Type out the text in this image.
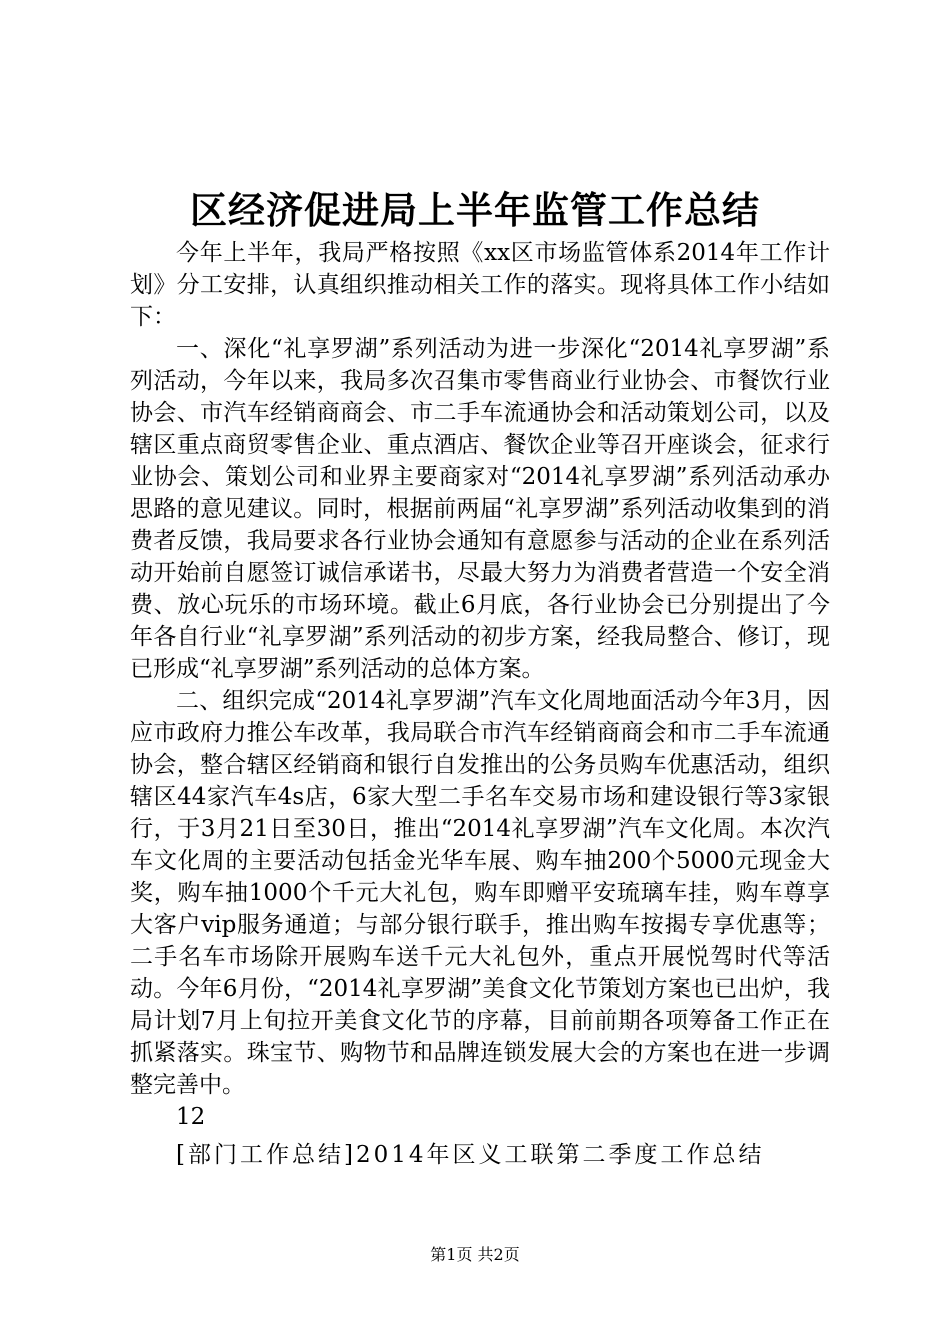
区经济促进局上半年监管工作总结

今年上半年，我局严格按照《xx区市场监管体系2014年工作计划》分工安排，认真组织推动相关工作的落实。现将具体工作小结如下：

一、深化“礼享罗湖”系列活动为进一步深化“2014礼享罗湖”系列活动，今年以来，我局多次召集市零售商业行业协会、市餐饮行业协会、市汽车经销商商会、市二手车流通协会和活动策划公司，以及辖区重点商贸零售企业、重点酒店、餐饮企业等召开座谈会，征求行业协会、策划公司和业界主要商家对“2014礼享罗湖”系列活动承办思路的意见建议。同时，根据前两届“礼享罗湖”系列活动收集到的消费者反馈，我局要求各行业协会通知有意愿参与活动的企业在系列活动开始前自愿签订诚信承诺书，尽最大努力为消费者营造一个安全消费、放心玩乐的市场环境。截止6月底，各行业协会已分别提出了今年各自行业“礼享罗湖”系列活动的初步方案，经我局整合、修订，现已形成“礼享罗湖”系列活动的总体方案。

二、组织完成“2014礼享罗湖”汽车文化周地面活动今年3月，因应市政府力推公车改革，我局联合市汽车经销商商会和市二手车流通协会，整合辖区经销商和银行自发推出的公务员购车优惠活动，组织辖区44家汽车4s店，6家大型二手名车交易市场和建设银行等3家银行，于3月21日至30日，推出“2014礼享罗湖”汽车文化周。本次汽车文化周的主要活动包括金光华车展、购车抽200个5000元现金大奖，购车抽1000个千元大礼包，购车即赠平安琉璃车挂，购车尊享大客户vip服务通道；与部分银行联手，推出购车按揭专享优惠等；二手名车市场除开展购车送千元大礼包外，重点开展悦驾时代等活动。今年6月份，“2014礼享罗湖”美食文化节策划方案也已出炉，我局计划7月上旬拉开美食文化节的序幕，目前前期各项筹备工作正在抓紧落实。珠宝节、购物节和品牌连锁发展大会的方案也在进一步调整完善中。

12

[部门工作总结]2014年区义工联第二季度工作总结

第1页 共2页
